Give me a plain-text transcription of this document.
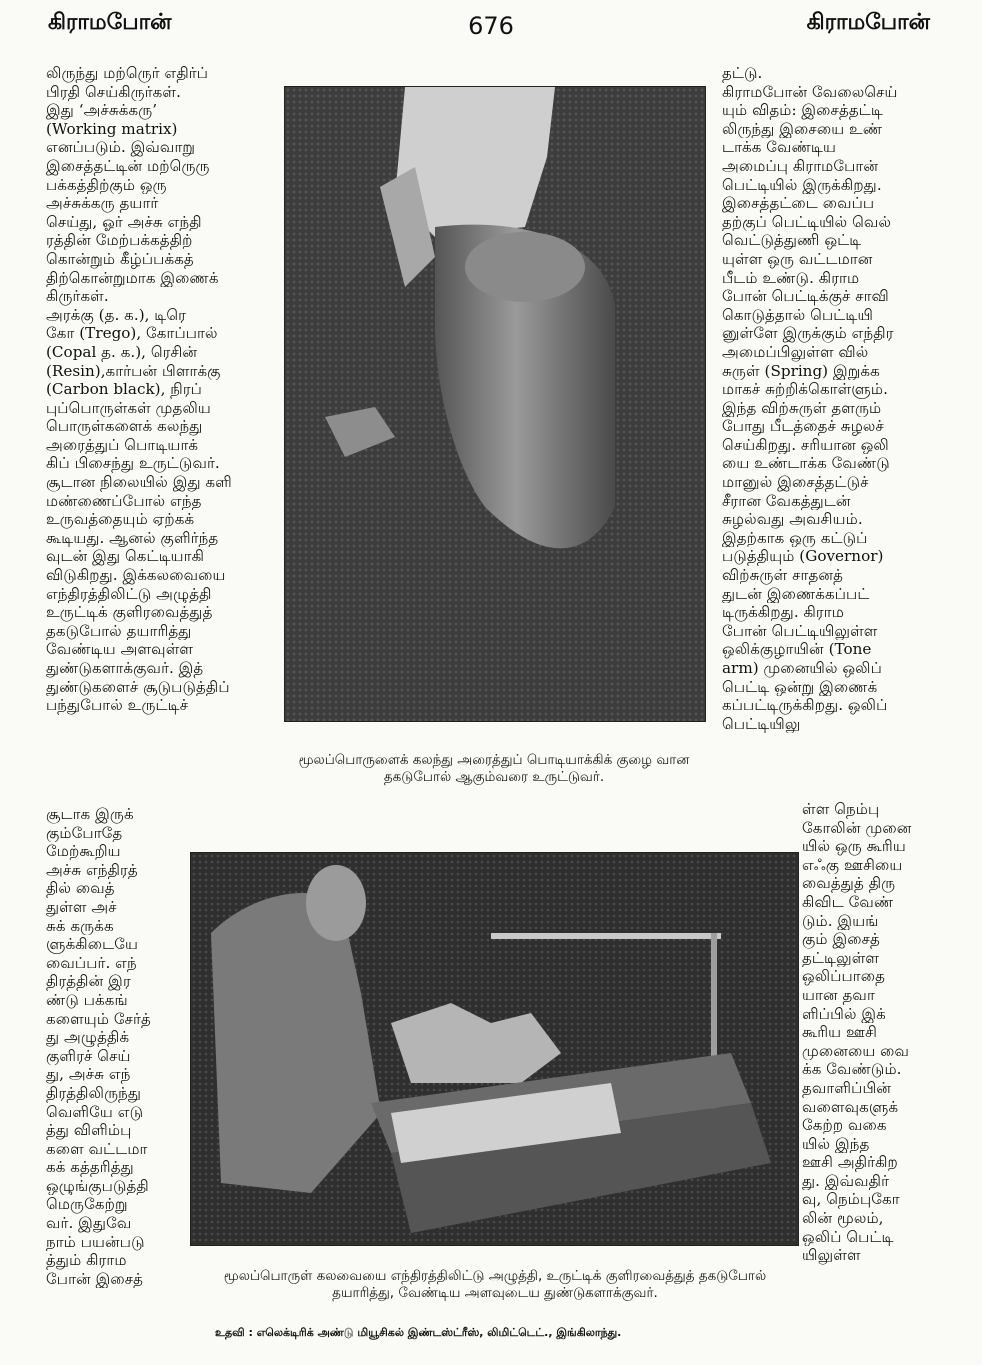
கிராமபோன்	676	கிராமபோன்
லிருந்து மற்ருெர் எதிர்ப்
பிரதி செய்கிருர்கள்.
இது ‘அச்சுக்கரு’
(Working matrix)
எனப்படும். இவ்வாறு
இசைத்தட்டின் மற்ருெரு
பக்கத்திற்கும் ஒரு
அச்சுக்கரு தயார்
செய்து, ஓர் அச்சு எந்தி
ரத்தின் மேற்பக்கத்திற்
கொன்றும் கீழ்ப்பக்கத்
திற்கொன்றுமாக இணைக்
கிருர்கள்.
அரக்கு (த. க.), டிரெ
கோ (Trego), கோப்பால்
(Copal த. க.), ரெசின்
(Resin),கார்பன் பிளாக்கு
(Carbon black), நிரப்
புப்பொருள்கள் முதலிய
பொருள்களைக் கலந்து
அரைத்துப் பொடியாக்
கிப் பிசைந்து உருட்டுவர்.
சூடான நிலையில் இது களி
மண்ணைப்போல் எந்த
உருவத்தையும் ஏற்கக்
கூடியது. ஆனல் குளிர்ந்த
வுடன் இது கெட்டியாகி
விடுகிறது. இக்கலவையை
எந்திரத்திலிட்டு அழுத்தி
உருட்டிக் குளிரவைத்துத்
தகடுபோல் தயாரித்து
வேண்டிய அளவுள்ள
துண்டுகளாக்குவர். இத்
துண்டுகளைச் சூடுபடுத்திப்
பந்துபோல் உருட்டிச்
சூடாக இருக்
கும்போதே
மேற்கூறிய
அச்சு எந்திரத்
தில் வைத்
துள்ள அச்
சுக் கருக்க
ளுக்கிடையே
வைப்பர். எந்
திரத்தின் இர
ண்டு பக்கங்
களையும் சேர்த்
து அழுத்திக்
குளிரச் செய்
து, அச்சு எந்
திரத்திலிருந்து
வெளியே எடு
த்து விளிம்பு
களை வட்டமா
கக் கத்தரித்து
ஒழுங்குபடுத்தி
மெருகேற்று
வர். இதுவே
நாம் பயன்படு
த்தும் கிராம
போன் இசைத்
தட்டு.
கிராமபோன் வேலைசெய்
யும் விதம்: இசைத்தட்டி
லிருந்து இசையை உண்
டாக்க வேண்டிய
அமைப்பு கிராமபோன்
பெட்டியில் இருக்கிறது.
இசைத்தட்டை வைப்ப
தற்குப் பெட்டியில் வெல்
வெட்டுத்துணி ஒட்டி
யுள்ள ஒரு வட்டமான
பீடம் உண்டு. கிராம
போன் பெட்டிக்குச் சாவி
கொடுத்தால் பெட்டியி
னுள்ளே இருக்கும் எந்திர
அமைப்பிலுள்ள வில்
சுருள் (Spring) இறுக்க
மாகச் சுற்றிக்கொள்ளும்.
இந்த விற்சுருள் தளரும்
போது பீடத்தைச் சுழலச்
செய்கிறது. சரியான ஒலி
யை உண்டாக்க வேண்டு
மானுல் இசைத்தட்டுச்
சீரான வேகத்துடன்
சுழல்வது அவசியம்.
இதற்காக ஒரு கட்டுப்
படுத்தியும் (Governor)
விற்சுருள் சாதனத்
துடன் இணைக்கப்பட்
டிருக்கிறது. கிராம
போன் பெட்டியிலுள்ள
ஒலிக்குழாயின் (Tone
arm) முனையில் ஒலிப்
பெட்டி ஒன்று இணைக்
கப்பட்டிருக்கிறது. ஒலிப்
பெட்டியிலு
ள்ள நெம்பு
கோலின் முனை
யில் ஒரு கூரிய
எஃகு ஊசியை
வைத்துத் திரு
கிவிட வேண்
டும். இயங்
கும் இசைத்
தட்டிலுள்ள
ஒலிப்பாதை
யான தவா
ளிப்பில் இக்
கூரிய ஊசி
முனையை வை
க்க வேண்டும்.
தவாளிப்பின்
வளைவுகளுக்
கேற்ற வகை
யில் இந்த
ஊசி அதிர்கிற
து. இவ்வதிர்
வு, நெம்புகோ
லின் மூலம்,
ஒலிப் பெட்டி
யிலுள்ள
மூலப்பொருளைக் கலந்து அரைத்துப் பொடியாக்கிக் குழை வான தகடுபோல் ஆகும்வரை உருட்டுவர்.
மூலப்பொருள் கலவையை எந்திரத்திலிட்டு அழுத்தி, உருட்டிக் குளிரவைத்துத் தகடுபோல் தயாரித்து, வேண்டிய அளவுடைய துண்டுகளாக்குவர்.
உதவி : எலெக்டிரிக் அண்டு மியூசிகல் இண்டஸ்ட்ரீஸ், லிமிட்டெட்., இங்கிலாந்து.
